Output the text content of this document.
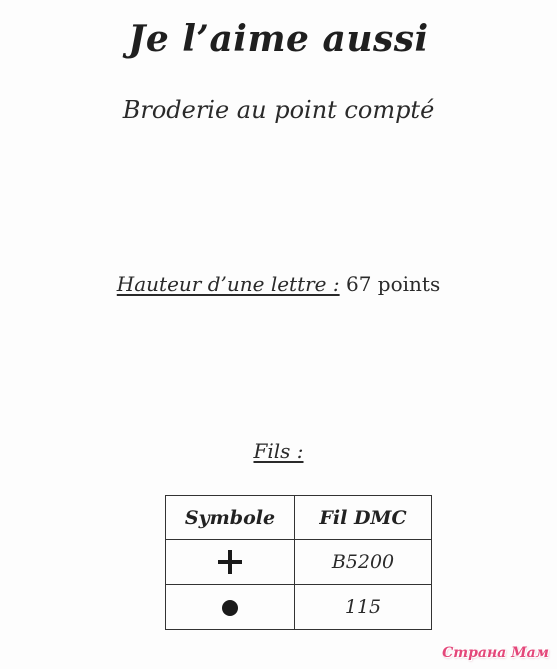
Je l’aime aussi
Broderie au point compté
Hauteur d’une lettre : 67 points
Fils :
Symbole	Fil DMC
	B5200
	115
Страна Мам
